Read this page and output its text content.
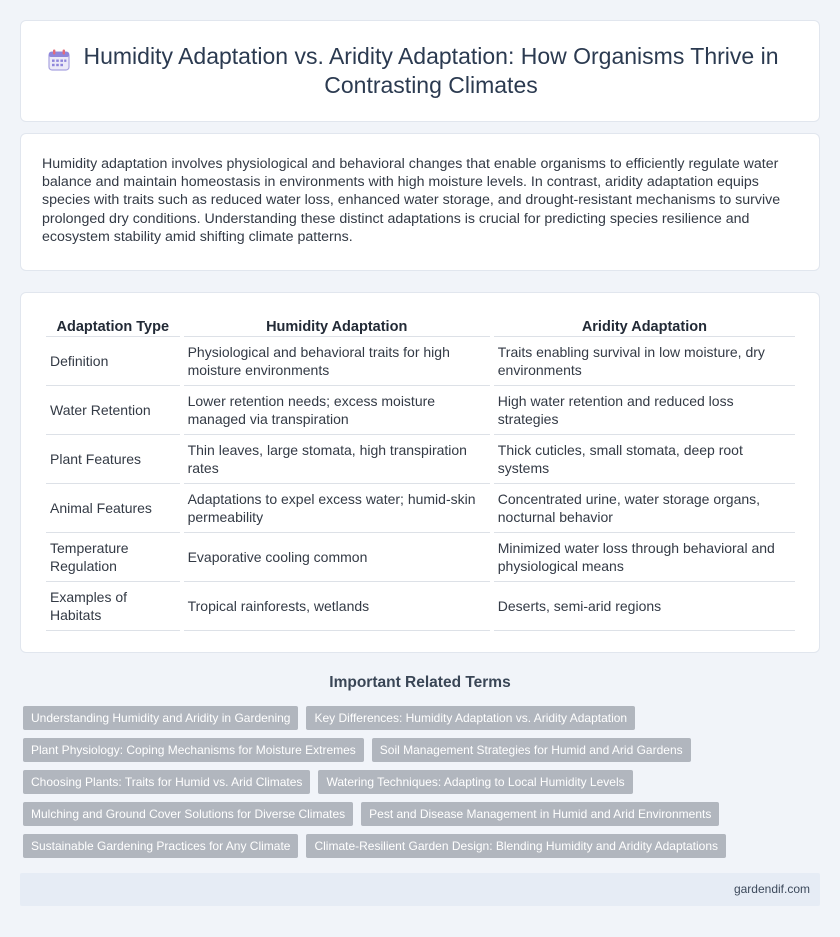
Humidity Adaptation vs. Aridity Adaptation: How Organisms Thrive in Contrasting Climates

Humidity adaptation involves physiological and behavioral changes that enable organisms to efficiently regulate water balance and maintain homeostasis in environments with high moisture levels. In contrast, aridity adaptation equips species with traits such as reduced water loss, enhanced water storage, and drought-resistant mechanisms to survive prolonged dry conditions. Understanding these distinct adaptations is crucial for predicting species resilience and ecosystem stability amid shifting climate patterns.

Adaptation Type	Humidity Adaptation	Aridity Adaptation
Definition	Physiological and behavioral traits for high moisture environments	Traits enabling survival in low moisture, dry environments
Water Retention	Lower retention needs; excess moisture managed via transpiration	High water retention and reduced loss strategies
Plant Features	Thin leaves, large stomata, high transpiration rates	Thick cuticles, small stomata, deep root systems
Animal Features	Adaptations to expel excess water; humid-skin permeability	Concentrated urine, water storage organs, nocturnal behavior
Temperature Regulation	Evaporative cooling common	Minimized water loss through behavioral and physiological means
Examples of Habitats	Tropical rainforests, wetlands	Deserts, semi-arid regions
Important Related Terms
Understanding Humidity and Aridity in Gardening	Key Differences: Humidity Adaptation vs. Aridity Adaptation
Plant Physiology: Coping Mechanisms for Moisture Extremes	Soil Management Strategies for Humid and Arid Gardens
Choosing Plants: Traits for Humid vs. Arid Climates	Watering Techniques: Adapting to Local Humidity Levels
Mulching and Ground Cover Solutions for Diverse Climates	Pest and Disease Management in Humid and Arid Environments
Sustainable Gardening Practices for Any Climate	Climate-Resilient Garden Design: Blending Humidity and Aridity Adaptations
gardendif.com
